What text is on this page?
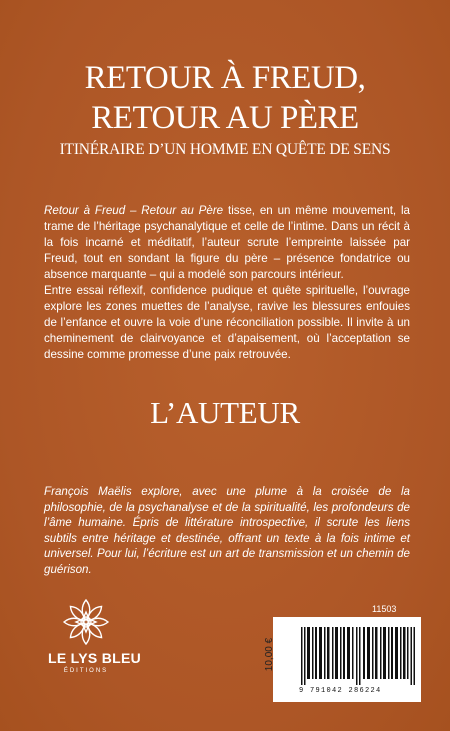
RETOUR À FREUD,
RETOUR AU PÈRE
ITINÉRAIRE D’UN HOMME EN QUÊTE DE SENS

Retour à Freud – Retour au Père tisse, en un même mouvement, la trame de l’héritage psychanalytique et celle de l’intime. Dans un récit à la fois incarné et méditatif, l’auteur scrute l’empreinte laissée par Freud, tout en sondant la figure du père – présence fondatrice ou absence marquante – qui a modelé son parcours intérieur.

Entre essai réflexif, confidence pudique et quête spirituelle, l’ouvrage explore les zones muettes de l’analyse, ravive les blessures enfouies de l’enfance et ouvre la voie d’une réconciliation possible. Il invite à un cheminement de clairvoyance et d’apaisement, où l’acceptation se dessine comme promesse d’une paix retrouvée.

L’AUTEUR

François Maëlis explore, avec une plume à la croisée de la philosophie, de la psychanalyse et de la spiritualité, les profondeurs de l’âme humaine. Épris de littérature introspective, il scrute les liens subtils entre héritage et destinée, offrant un texte à la fois intime et universel. Pour lui, l’écriture est un art de transmission et un chemin de guérison.

LE LYS BLEU
ÉDITIONS
11503
10,00 €
9 791042 286224
